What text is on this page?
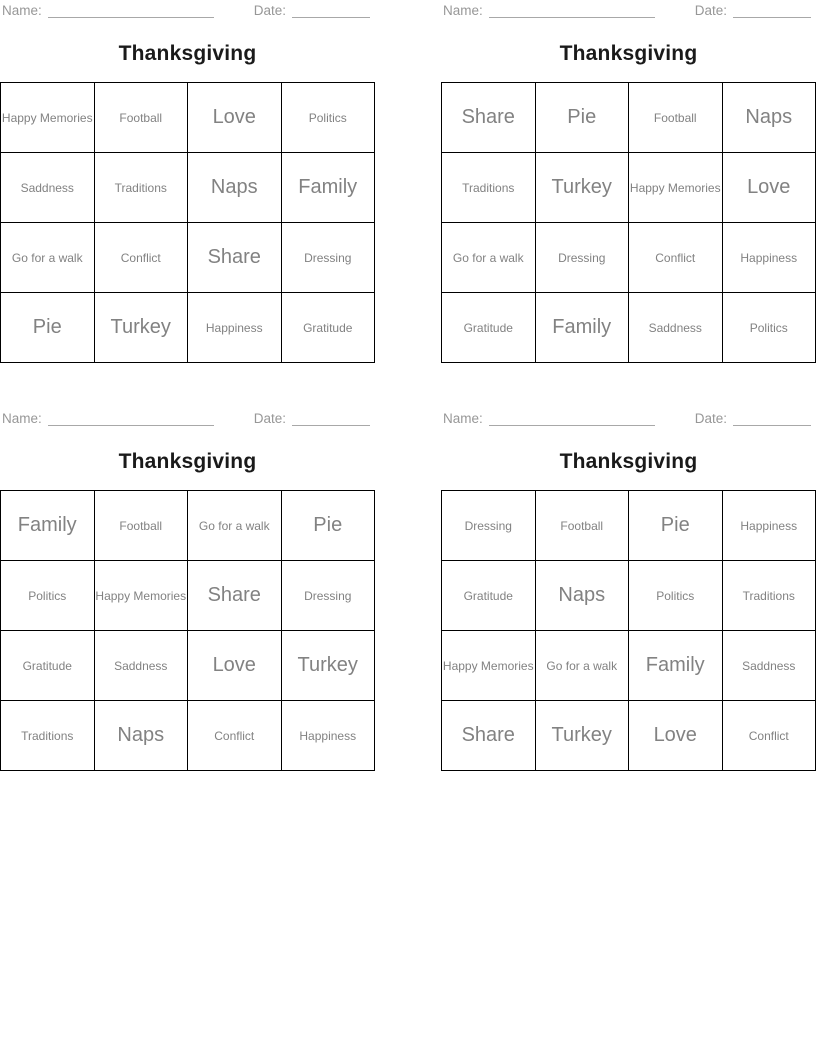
Name:	Date:
Thanksgiving
Happy Memories	Football	Love	Politics
Saddness	Traditions	Naps	Family
Go for a walk	Conflict	Share	Dressing
Pie	Turkey	Happiness	Gratitude
Name:	Date:
Thanksgiving
Share	Pie	Football	Naps
Traditions	Turkey	Happy Memories	Love
Go for a walk	Dressing	Conflict	Happiness
Gratitude	Family	Saddness	Politics
Name:	Date:
Thanksgiving
Family	Football	Go for a walk	Pie
Politics	Happy Memories	Share	Dressing
Gratitude	Saddness	Love	Turkey
Traditions	Naps	Conflict	Happiness
Name:	Date:
Thanksgiving
Dressing	Football	Pie	Happiness
Gratitude	Naps	Politics	Traditions
Happy Memories	Go for a walk	Family	Saddness
Share	Turkey	Love	Conflict
